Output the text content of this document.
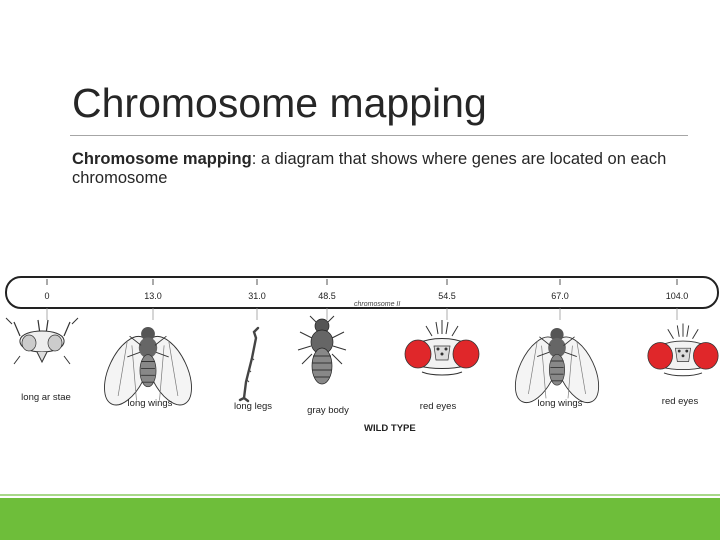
Chromosome mapping
Chromosome mapping: a diagram that shows where genes are located on each chromosome
0	13.0	31.0	48.5	54.5	67.0	104.0
chromosome II
long ar stae
long wings	long legs	gray body	red eyes	long wings	red eyes
WILD TYPE
